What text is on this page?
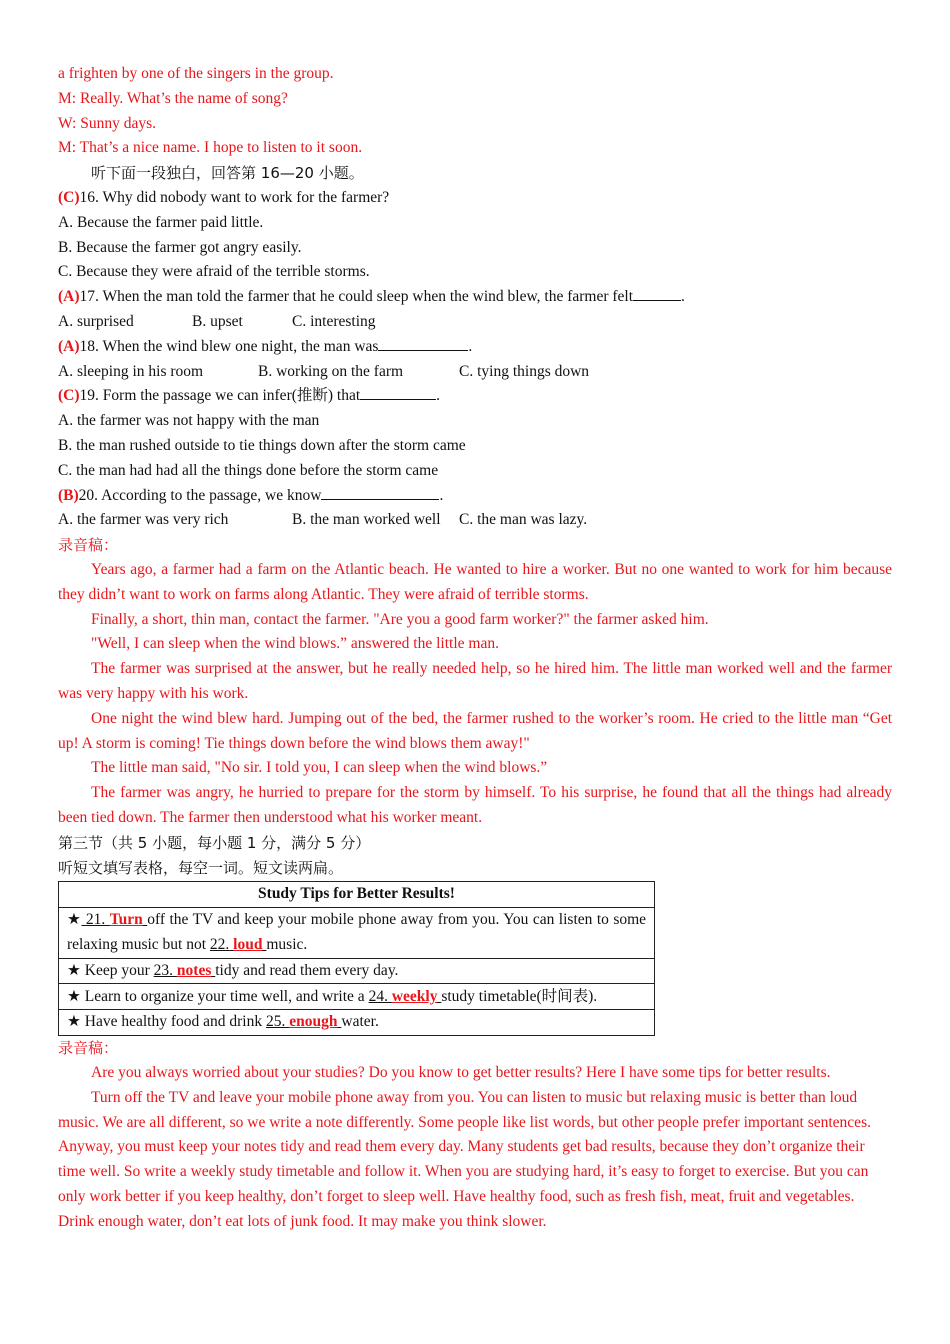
a frighten by one of the singers in the group.
M: Really. What’s the name of song?
W: Sunny days.
M: That’s a nice name. I hope to listen to it soon.
听下面一段独白，回答第 16—20 小题。
(C)16. Why did nobody want to work for the farmer?
A. Because the farmer paid little.
B. Because the farmer got angry easily.
C. Because they were afraid of the terrible storms.
(A)17. When the man told the farmer that he could sleep when the wind blew, the farmer felt	.
A. surprised	B. upset	C. interesting
(A)18. When the wind blew one night, the man was	.
A. sleeping in his room	B. working on the farm	C. tying things down
(C)19. Form the passage we can infer(推断) that	.
A. the farmer was not happy with the man
B. the man rushed outside to tie things down after the storm came
C. the man had had all the things done before the storm came
(B)20. According to the passage, we know	.
A. the farmer was very rich	B. the man worked well C. the man was lazy.
录音稿：
Years ago, a farmer had a farm on the Atlantic beach. He wanted to hire a worker. But no one wanted to work for him because they didn’t want to work on farms along Atlantic. They were afraid of terrible storms.
Finally, a short, thin man, contact the farmer. "Are you a good farm worker?" the farmer asked him.
"Well, I can sleep when the wind blows.” answered the little man.
The farmer was surprised at the answer, but he really needed help, so he hired him. The little man worked well and the farmer was very happy with his work.
One night the wind blew hard. Jumping out of the bed, the farmer rushed to the worker’s room. He cried to the little man “Get up! A storm is coming! Tie things down before the wind blows them away!"
The little man said, "No sir. I told you, I can sleep when the wind blows.”
The farmer was angry, he hurried to prepare for the storm by himself. To his surprise, he found that all the things had already been tied down. The farmer then understood what his worker meant.
第三节（共 5 小题，每小题 1 分，满分 5 分）
听短文填写表格，每空一词。短文读两扁。
Study Tips for Better Results!
★ 21. Turn off the TV and keep your mobile phone away from you. You can listen to some relaxing music but not 22. loud music.
★ Keep your 23. notes tidy and read them every day.
★ Learn to organize your time well, and write a 24. weekly study timetable(时间表).
★ Have healthy food and drink 25. enough water.
录音稿：
Are you always worried about your studies? Do you know to get better results? Here I have some tips for better results.
Turn off the TV and leave your mobile phone away from you. You can listen to music but relaxing music is better than loud music. We are all different, so we write a note differently. Some people like list words, but other people prefer important sentences. Anyway, you must keep your notes tidy and read them every day. Many students get bad results, because they don’t organize their time well. So write a weekly study timetable and follow it. When you are studying hard, it’s easy to forget to exercise. But you can only work better if you keep healthy, don’t forget to sleep well. Have healthy food, such as fresh fish, meat, fruit and vegetables. Drink enough water, don’t eat lots of junk food. It may make you think slower.
